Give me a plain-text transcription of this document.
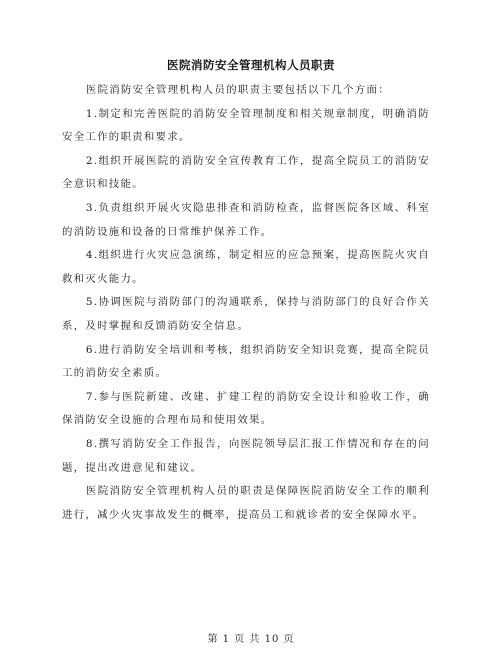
医院消防安全管理机构人员职责

医院消防安全管理机构人员的职责主要包括以下几个方面：

1.制定和完善医院的消防安全管理制度和相关规章制度，明确消防安全工作的职责和要求。

2.组织开展医院的消防安全宣传教育工作，提高全院员工的消防安全意识和技能。

3.负责组织开展火灾隐患排查和消防检查，监督医院各区域、科室的消防设施和设备的日常维护保养工作。

4.组织进行火灾应急演练，制定相应的应急预案，提高医院火灾自救和灭火能力。

5.协调医院与消防部门的沟通联系，保持与消防部门的良好合作关系，及时掌握和反馈消防安全信息。

6.进行消防安全培训和考核，组织消防安全知识竞赛，提高全院员工的消防安全素质。

7.参与医院新建、改建、扩建工程的消防安全设计和验收工作，确保消防安全设施的合理布局和使用效果。

8.撰写消防安全工作报告，向医院领导层汇报工作情况和存在的问题，提出改进意见和建议。

医院消防安全管理机构人员的职责是保障医院消防安全工作的顺利进行，减少火灾事故发生的概率，提高员工和就诊者的安全保障水平。

第 1 页 共 10 页
